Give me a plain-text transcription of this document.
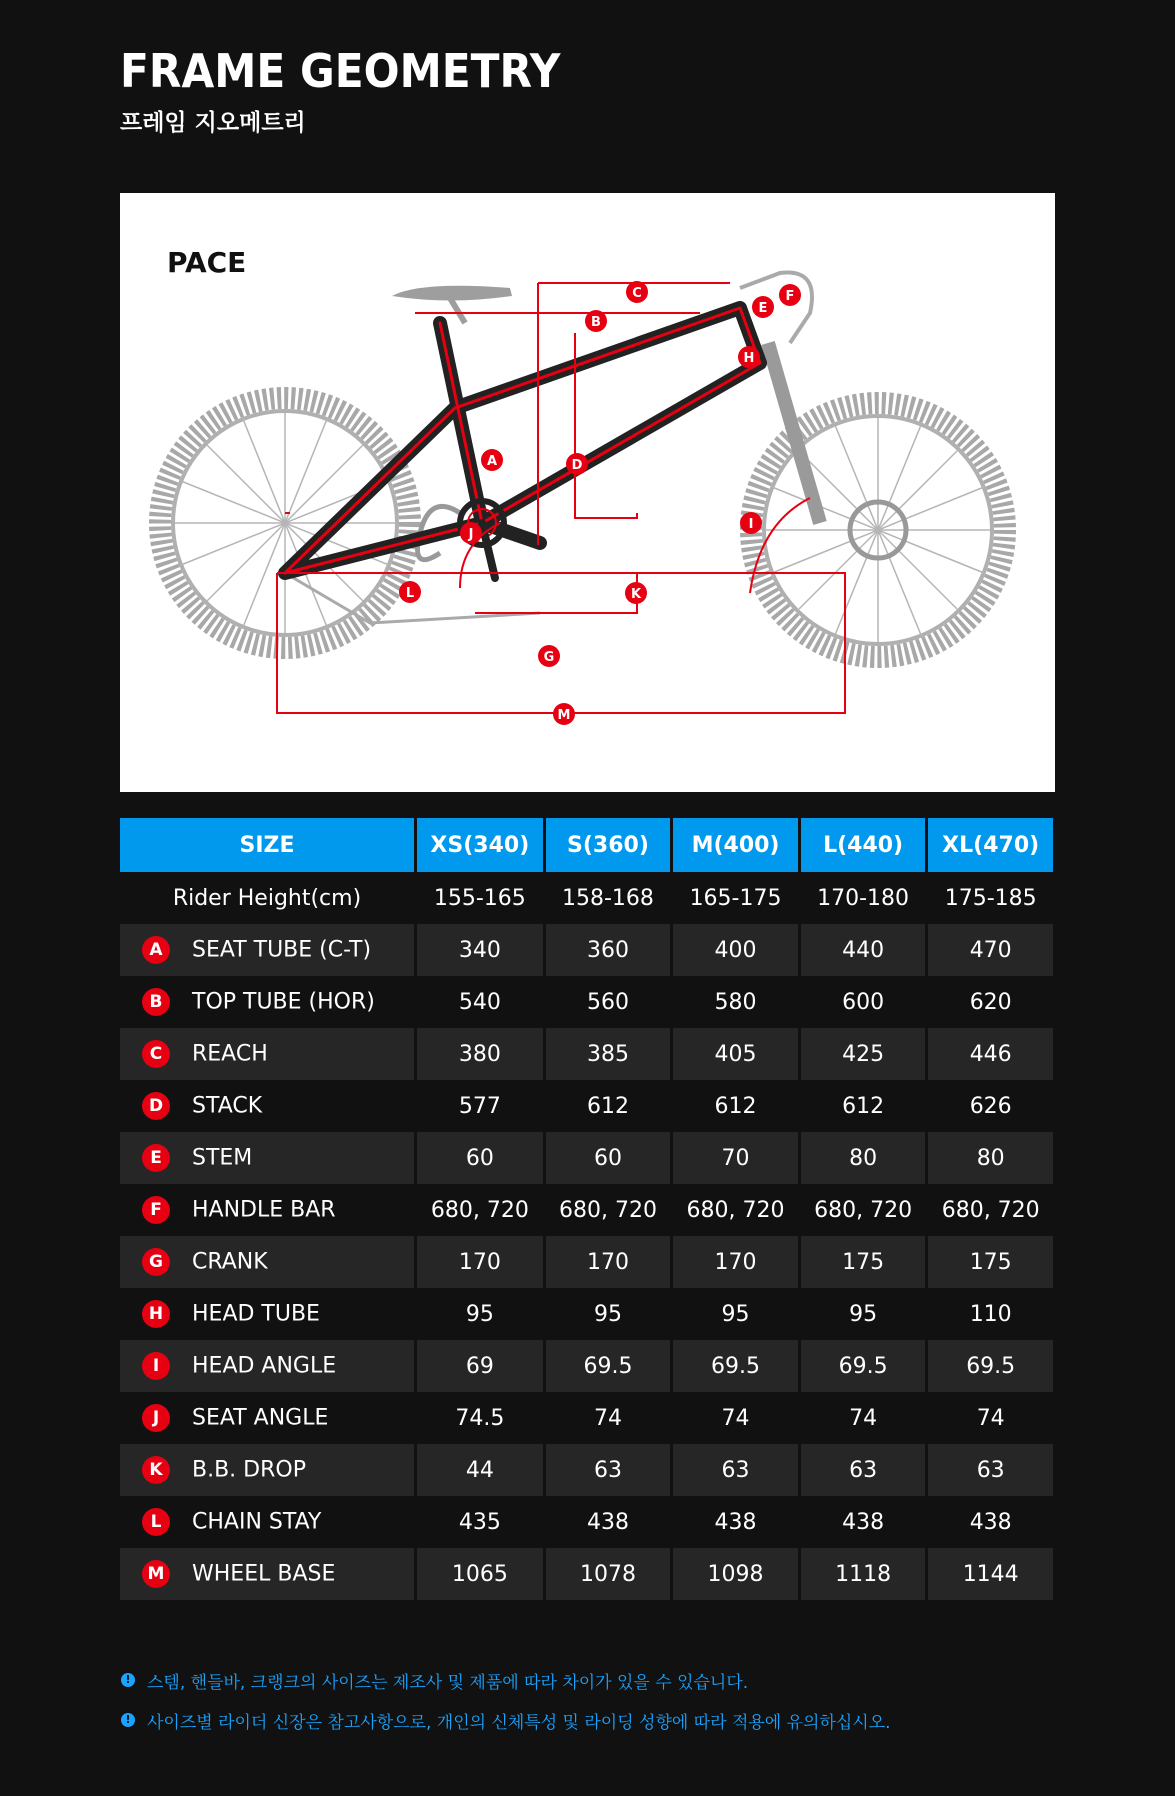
FRAME GEOMETRY
프레임 지오메트리
PACE
A
B
C
D
E
F
G
H
I
J
K
L
M
SIZE	XS(340)	S(360)	M(400)	L(440)	XL(470)
Rider Height(cm)	155-165	158-168	165-175	170-180	175-185
A SEAT TUBE (C-T)	340	360	400	440	470
B TOP TUBE (HOR)	540	560	580	600	620
C REACH	380	385	405	425	446
D STACK	577	612	612	612	626
E STEM	60	60	70	80	80
F HANDLE BAR	680, 720	680, 720	680, 720	680, 720	680, 720
G CRANK	170	170	170	175	175
H HEAD TUBE	95	95	95	95	110
I HEAD ANGLE	69	69.5	69.5	69.5	69.5
J SEAT ANGLE	74.5	74	74	74	74
K B.B. DROP	44	63	63	63	63
L CHAIN STAY	435	438	438	438	438
M WHEEL BASE	1065	1078	1098	1118	1144
! 스템, 핸들바, 크랭크의 사이즈는 제조사 및 제품에 따라 차이가 있을 수 있습니다.
! 사이즈별 라이더 신장은 참고사항으로, 개인의 신체특성 및 라이딩 성향에 따라 적용에 유의하십시오.
